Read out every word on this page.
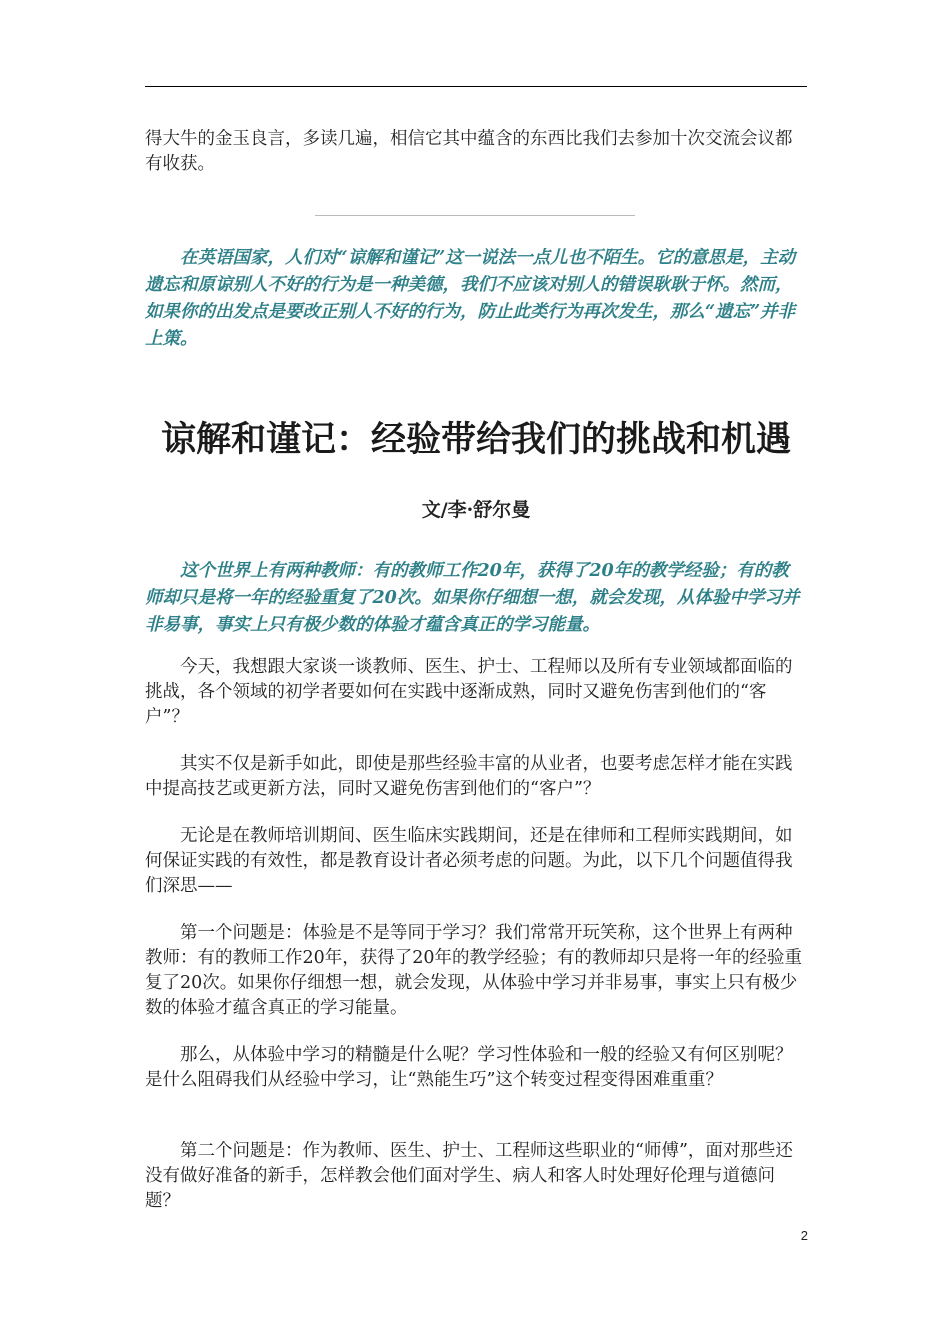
得大牛的金玉良言，多读几遍，相信它其中蕴含的东西比我们去参加十次交流会议都有收获。

在英语国家，人们对“谅解和谨记”这一说法一点儿也不陌生。它的意思是，主动遗忘和原谅别人不好的行为是一种美德，我们不应该对别人的错误耿耿于怀。然而，如果你的出发点是要改正别人不好的行为，防止此类行为再次发生，那么“遗忘”并非上策。

谅解和谨记：经验带给我们的挑战和机遇

文/李·舒尔曼

这个世界上有两种教师：有的教师工作20年，获得了20年的教学经验；有的教师却只是将一年的经验重复了20次。如果你仔细想一想，就会发现，从体验中学习并非易事，事实上只有极少数的体验才蕴含真正的学习能量。

今天，我想跟大家谈一谈教师、医生、护士、工程师以及所有专业领域都面临的挑战，各个领域的初学者要如何在实践中逐渐成熟，同时又避免伤害到他们的“客户”？

其实不仅是新手如此，即使是那些经验丰富的从业者，也要考虑怎样才能在实践中提高技艺或更新方法，同时又避免伤害到他们的“客户”？

无论是在教师培训期间、医生临床实践期间，还是在律师和工程师实践期间，如何保证实践的有效性，都是教育设计者必须考虑的问题。为此，以下几个问题值得我们深思——

第一个问题是：体验是不是等同于学习？我们常常开玩笑称，这个世界上有两种教师：有的教师工作20年，获得了20年的教学经验；有的教师却只是将一年的经验重复了20次。如果你仔细想一想，就会发现，从体验中学习并非易事，事实上只有极少数的体验才蕴含真正的学习能量。

那么，从体验中学习的精髓是什么呢？学习性体验和一般的经验又有何区别呢？是什么阻碍我们从经验中学习，让“熟能生巧”这个转变过程变得困难重重？

第二个问题是：作为教师、医生、护士、工程师这些职业的“师傅”，面对那些还没有做好准备的新手，怎样教会他们面对学生、病人和客人时处理好伦理与道德问题？

2
